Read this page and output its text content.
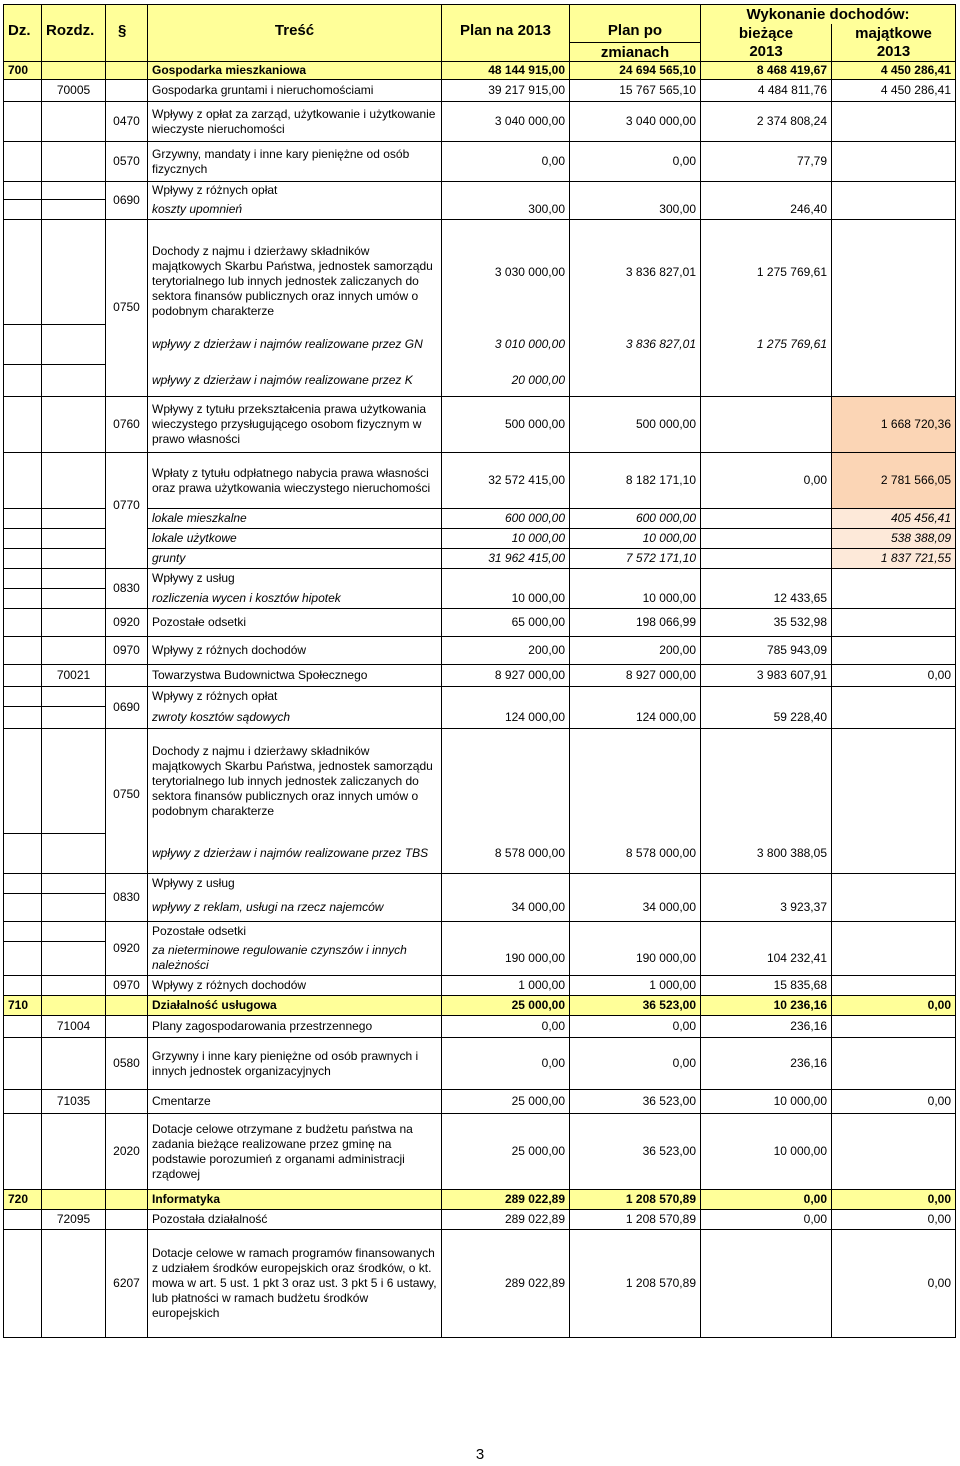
Dz.	Rozdz.	§	Treść	Plan na 2013	Plan po	Wykonanie dochodów:	
						bieżące	majątkowe
					zmianach	2013	2013
700			Gospodarka mieszkaniowa	48 144 915,00	24 694 565,10	8 468 419,67	4 450 286,41
	70005		Gospodarka gruntami i nieruchomościami	39 217 915,00	15 767 565,10	4 484 811,76	4 450 286,41
		0470	Wpływy z opłat za zarząd, użytkowanie i użytkowanie wieczyste nieruchomości	3 040 000,00	3 040 000,00	2 374 808,24	
		0570	Grzywny, mandaty i inne kary pieniężne od osób fizycznych	0,00	0,00	77,79	
		0690	Wpływy z różnych opłat				
			koszty upomnień	300,00	300,00	246,40	
		0750	Dochody z najmu i dzierżawy składników majątkowych Skarbu Państwa, jednostek samorządu terytorialnego lub innych jednostek zaliczanych do sektora finansów publicznych oraz innych umów o podobnym charakterze	3 030 000,00	3 836 827,01	1 275 769,61	
			wpływy z dzierżaw i najmów realizowane przez GN	3 010 000,00	3 836 827,01	1 275 769,61	
			wpływy z dzierżaw i najmów realizowane przez K	20 000,00			
		0760	Wpływy z tytułu przekształcenia prawa użytkowania wieczystego przysługującego osobom fizycznym w prawo własności	500 000,00	500 000,00		1 668 720,36
		0770	Wpłaty z tytułu odpłatnego nabycia prawa własności oraz prawa użytkowania wieczystego nieruchomości	32 572 415,00	8 182 171,10	0,00	2 781 566,05
			lokale mieszkalne	600 000,00	600 000,00		405 456,41
			lokale użytkowe	10 000,00	10 000,00		538 388,09
			grunty	31 962 415,00	7 572 171,10		1 837 721,55
		0830	Wpływy z usług				
			rozliczenia wycen i kosztów hipotek	10 000,00	10 000,00	12 433,65	
		0920	Pozostałe odsetki	65 000,00	198 066,99	35 532,98	
		0970	Wpływy z różnych dochodów	200,00	200,00	785 943,09	
	70021		Towarzystwa Budownictwa Społecznego	8 927 000,00	8 927 000,00	3 983 607,91	0,00
		0690	Wpływy z różnych opłat				
			zwroty kosztów sądowych	124 000,00	124 000,00	59 228,40	
		0750	Dochody z najmu i dzierżawy składników majątkowych Skarbu Państwa, jednostek samorządu terytorialnego lub innych jednostek zaliczanych do sektora finansów publicznych oraz innych umów o podobnym charakterze				
			wpływy z dzierżaw i najmów realizowane przez TBS	8 578 000,00	8 578 000,00	3 800 388,05	
		0830	Wpływy z usług				
			wpływy z reklam, usługi na rzecz najemców	34 000,00	34 000,00	3 923,37	
		0920	Pozostałe odsetki				
			za nieterminowe regulowanie czynszów i innych należności	190 000,00	190 000,00	104 232,41	
		0970	Wpływy z różnych dochodów	1 000,00	1 000,00	15 835,68	
710			Działalność usługowa	25 000,00	36 523,00	10 236,16	0,00
	71004		Plany zagospodarowania przestrzennego	0,00	0,00	236,16	
		0580	Grzywny i inne kary pieniężne od osób prawnych i innych jednostek organizacyjnych	0,00	0,00	236,16	
	71035		Cmentarze	25 000,00	36 523,00	10 000,00	0,00
		2020	Dotacje celowe otrzymane z budżetu państwa na zadania bieżące realizowane przez gminę na podstawie porozumień z organami administracji rządowej	25 000,00	36 523,00	10 000,00	
720			Informatyka	289 022,89	1 208 570,89	0,00	0,00
	72095		Pozostała działalność	289 022,89	1 208 570,89	0,00	0,00
		6207	Dotacje celowe w ramach programów finansowanych z udziałem środków europejskich oraz środków, o kt. mowa w art. 5 ust. 1 pkt 3 oraz ust. 3 pkt 5 i 6 ustawy, lub płatności w ramach budżetu środków europejskich	289 022,89	1 208 570,89		0,00
3
